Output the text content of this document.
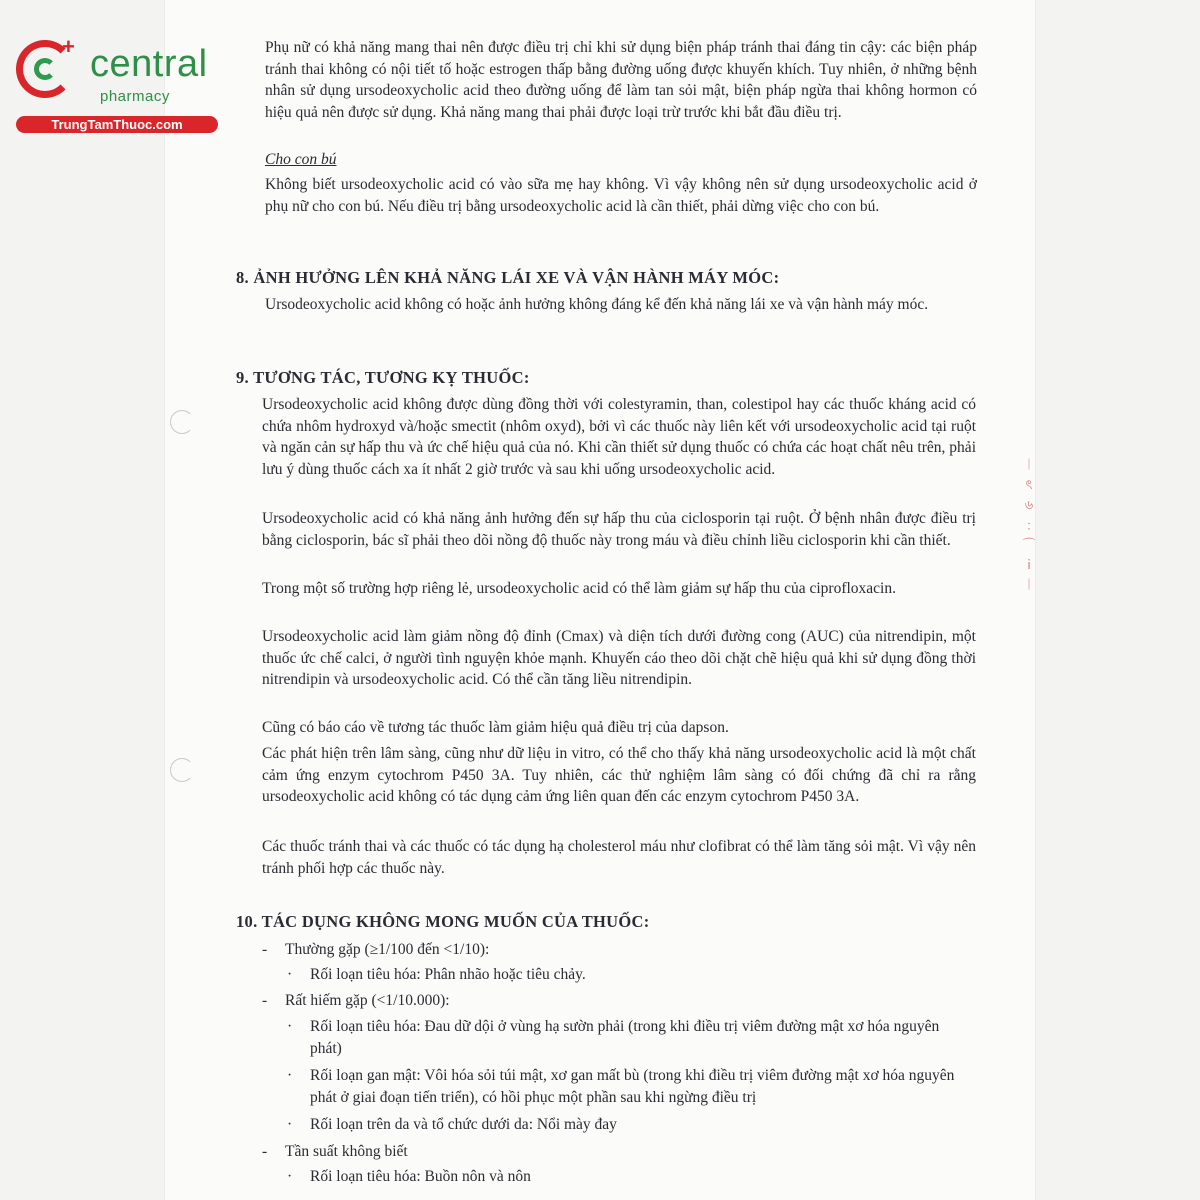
︱
ৎ
৬
﹕
⌒
ⅰ
︱
+ central
pharmacy
TrungTamThuoc.com
Phụ nữ có khả năng mang thai nên được điều trị chỉ khi sử dụng biện pháp tránh thai đáng tin cậy: các biện pháp tránh thai không có nội tiết tố hoặc estrogen thấp bằng đường uống được khuyến khích. Tuy nhiên, ở những bệnh nhân sử dụng ursodeoxycholic acid theo đường uống để làm tan sỏi mật, biện pháp ngừa thai không hormon có hiệu quả nên được sử dụng. Khả năng mang thai phải được loại trừ trước khi bắt đầu điều trị.
Cho con bú
Không biết ursodeoxycholic acid có vào sữa mẹ hay không. Vì vậy không nên sử dụng ursodeoxycholic acid ở phụ nữ cho con bú. Nếu điều trị bằng ursodeoxycholic acid là cần thiết, phải dừng việc cho con bú.
8. ẢNH HƯỞNG LÊN KHẢ NĂNG LÁI XE VÀ VẬN HÀNH MÁY MÓC:
Ursodeoxycholic acid không có hoặc ảnh hưởng không đáng kể đến khả năng lái xe và vận hành máy móc.
9. TƯƠNG TÁC, TƯƠNG KỴ THUỐC:
Ursodeoxycholic acid không được dùng đồng thời với colestyramin, than, colestipol hay các thuốc kháng acid có chứa nhôm hydroxyd và/hoặc smectit (nhôm oxyd), bởi vì các thuốc này liên kết với ursodeoxycholic acid tại ruột và ngăn cản sự hấp thu và ức chế hiệu quả của nó. Khi cần thiết sử dụng thuốc có chứa các hoạt chất nêu trên, phải lưu ý dùng thuốc cách xa ít nhất 2 giờ trước và sau khi uống ursodeoxycholic acid.
Ursodeoxycholic acid có khả năng ảnh hưởng đến sự hấp thu của ciclosporin tại ruột. Ở bệnh nhân được điều trị bằng ciclosporin, bác sĩ phải theo dõi nồng độ thuốc này trong máu và điều chỉnh liều ciclosporin khi cần thiết.
Trong một số trường hợp riêng lẻ, ursodeoxycholic acid có thể làm giảm sự hấp thu của ciprofloxacin.
Ursodeoxycholic acid làm giảm nồng độ đỉnh (Cmax) và diện tích dưới đường cong (AUC) của nitrendipin, một thuốc ức chế calci, ở người tình nguyện khỏe mạnh. Khuyến cáo theo dõi chặt chẽ hiệu quả khi sử dụng đồng thời nitrendipin và ursodeoxycholic acid. Có thể cần tăng liều nitrendipin.
Cũng có báo cáo về tương tác thuốc làm giảm hiệu quả điều trị của dapson.
Các phát hiện trên lâm sàng, cũng như dữ liệu in vitro, có thể cho thấy khả năng ursodeoxycholic acid là một chất cảm ứng enzym cytochrom P450 3A. Tuy nhiên, các thử nghiệm lâm sàng có đối chứng đã chỉ ra rằng ursodeoxycholic acid không có tác dụng cảm ứng liên quan đến các enzym cytochrom P450 3A.
Các thuốc tránh thai và các thuốc có tác dụng hạ cholesterol máu như clofibrat có thể làm tăng sỏi mật. Vì vậy nên tránh phối hợp các thuốc này.
10. TÁC DỤNG KHÔNG MONG MUỐN CỦA THUỐC:
- Thường gặp (≥1/100 đến <1/10):
· Rối loạn tiêu hóa: Phân nhão hoặc tiêu chảy.
- Rất hiếm gặp (<1/10.000):
· Rối loạn tiêu hóa: Đau dữ dội ở vùng hạ sườn phải (trong khi điều trị viêm đường mật xơ hóa nguyên phát)
· Rối loạn gan mật: Vôi hóa sỏi túi mật, xơ gan mất bù (trong khi điều trị viêm đường mật xơ hóa nguyên phát ở giai đoạn tiến triển), có hồi phục một phần sau khi ngừng điều trị
· Rối loạn trên da và tổ chức dưới da: Nổi mày đay
- Tần suất không biết
· Rối loạn tiêu hóa: Buồn nôn và nôn
